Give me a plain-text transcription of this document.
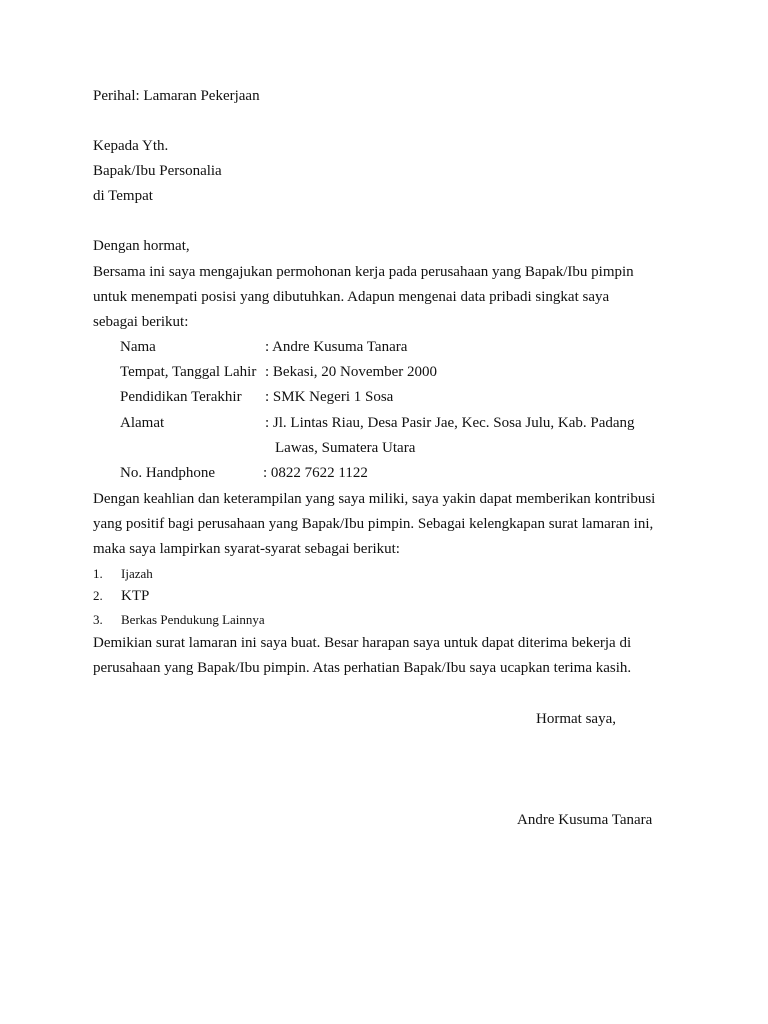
Perihal: Lamaran Pekerjaan
Kepada Yth.
Bapak/Ibu Personalia
di Tempat
Dengan hormat,
Bersama ini saya mengajukan permohonan kerja pada perusahaan yang Bapak/Ibu pimpin
untuk menempati posisi yang dibutuhkan. Adapun mengenai data pribadi singkat saya
sebagai berikut:
Nama	: Andre Kusuma Tanara
Tempat, Tanggal Lahir : Bekasi, 20 November 2000
Pendidikan Terakhir : SMK Negeri 1 Sosa
Alamat	: Jl. Lintas Riau, Desa Pasir Jae, Kec. Sosa Julu, Kab. Padang
Lawas, Sumatera Utara
No. Handphone	: 0822 7622 1122
Dengan keahlian dan keterampilan yang saya miliki, saya yakin dapat memberikan kontribusi
yang positif bagi perusahaan yang Bapak/Ibu pimpin. Sebagai kelengkapan surat lamaran ini,
maka saya lampirkan syarat-syarat sebagai berikut:
1. Ijazah
2. KTP
3. Berkas Pendukung Lainnya
Demikian surat lamaran ini saya buat. Besar harapan saya untuk dapat diterima bekerja di
perusahaan yang Bapak/Ibu pimpin. Atas perhatian Bapak/Ibu saya ucapkan terima kasih.
Hormat saya,
Andre Kusuma Tanara
